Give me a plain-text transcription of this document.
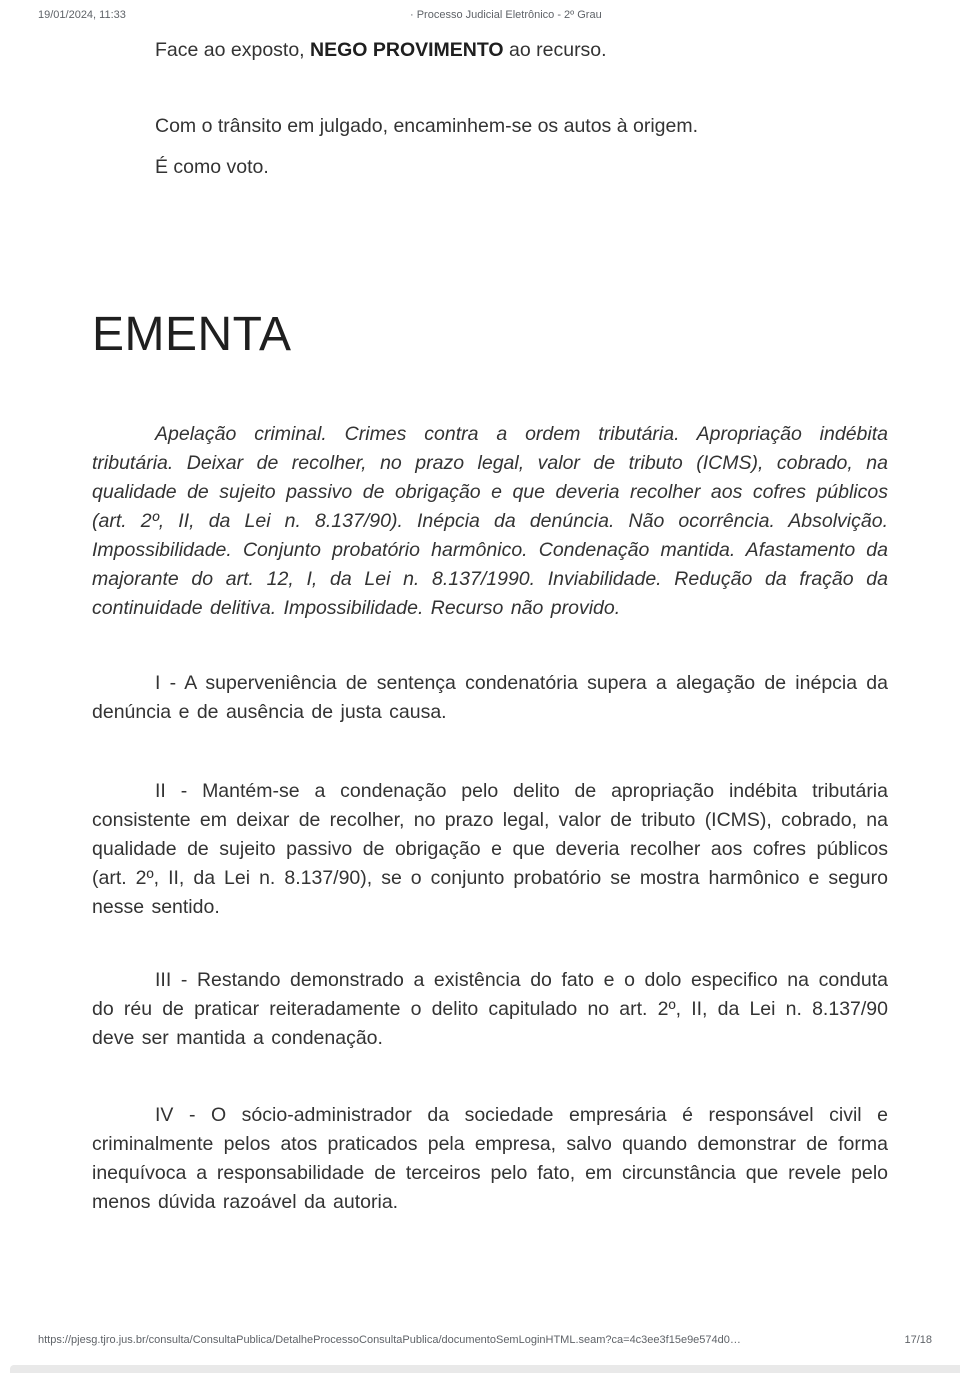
19/01/2024, 11:33	· Processo Judicial Eletrônico - 2º Grau

Face ao exposto, NEGO PROVIMENTO ao recurso.

Com o trânsito em julgado, encaminhem-se os autos à origem.

É como voto.

EMENTA

Apelação criminal. Crimes contra a ordem tributária. Apropriação indébita tributária. Deixar de recolher, no prazo legal, valor de tributo (ICMS), cobrado, na qualidade de sujeito passivo de obrigação e que deveria recolher aos cofres públicos (art. 2º, II, da Lei n. 8.137/90). Inépcia da denúncia. Não ocorrência. Absolvição. Impossibilidade. Conjunto probatório harmônico. Condenação mantida. Afastamento da majorante do art. 12, I, da Lei n. 8.137/1990. Inviabilidade. Redução da fração da continuidade delitiva. Impossibilidade. Recurso não provido.

I - A superveniência de sentença condenatória supera a alegação de inépcia da denúncia e de ausência de justa causa.

II - Mantém-se a condenação pelo delito de apropriação indébita tributária consistente em deixar de recolher, no prazo legal, valor de tributo (ICMS), cobrado, na qualidade de sujeito passivo de obrigação e que deveria recolher aos cofres públicos (art. 2º, II, da Lei n. 8.137/90), se o conjunto probatório se mostra harmônico e seguro nesse sentido.

III - Restando demonstrado a existência do fato e o dolo especifico na conduta do réu de praticar reiteradamente o delito capitulado no art. 2º, II, da Lei n. 8.137/90 deve ser mantida a condenação.

IV - O sócio-administrador da sociedade empresária é responsável civil e criminalmente pelos atos praticados pela empresa, salvo quando demonstrar de forma inequívoca a responsabilidade de terceiros pelo fato, em circunstância que revele pelo menos dúvida razoável da autoria.

https://pjesg.tjro.jus.br/consulta/ConsultaPublica/DetalheProcessoConsultaPublica/documentoSemLoginHTML.seam?ca=4c3ee3f15e9e574d0…	17/18
